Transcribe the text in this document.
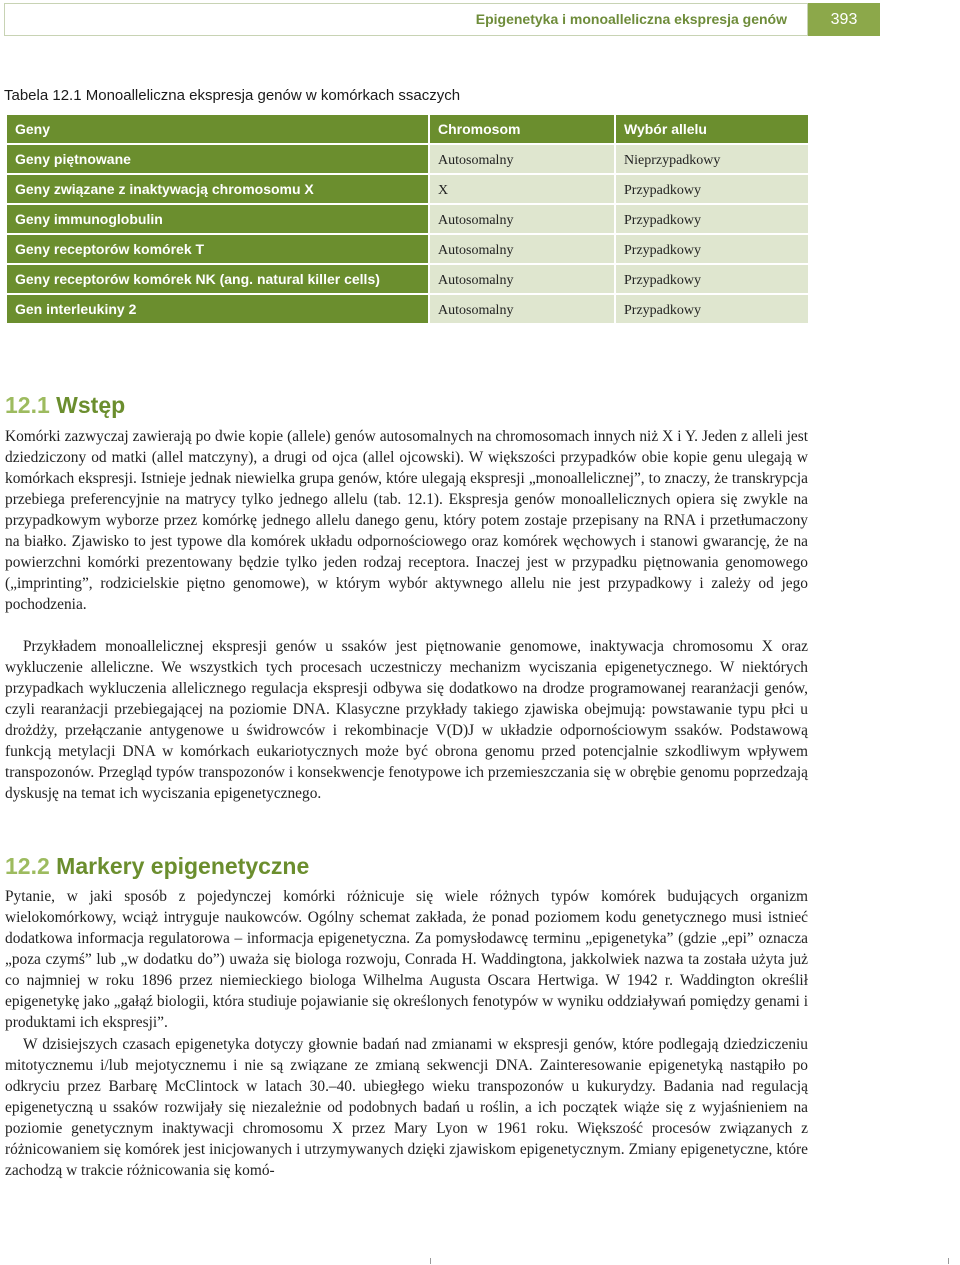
Epigenetyka i monoalleliczna ekspresja genów	393
Tabela 12.1 Monoalleliczna ekspresja genów w komórkach ssaczych
Geny	Chromosom	Wybór allelu
Geny piętnowane	Autosomalny	Nieprzypadkowy
Geny związane z inaktywacją chromosomu X	X	Przypadkowy
Geny immunoglobulin	Autosomalny	Przypadkowy
Geny receptorów komórek T	Autosomalny	Przypadkowy
Geny receptorów komórek NK (ang. natural killer cells)	Autosomalny	Przypadkowy
Gen interleukiny 2	Autosomalny	Przypadkowy
12.1 Wstęp

Komórki zazwyczaj zawierają po dwie kopie (allele) genów autosomalnych na chromosomach innych niż X i Y. Jeden z alleli jest dziedziczony od matki (allel matczyny), a drugi od ojca (allel ojcowski). W większości przypadków obie kopie genu ulegają w komórkach ekspresji. Istnieje jednak niewielka grupa genów, które ulegają ekspresji „monoallelicznej”, to znaczy, że transkrypcja przebiega preferencyjnie na matrycy tylko jednego allelu (tab. 12.1). Ekspresja genów monoallelicznych opiera się zwykle na przypadkowym wyborze przez komórkę jednego allelu danego genu, który potem zostaje przepisany na RNA i przetłumaczony na białko. Zjawisko to jest typowe dla komórek układu odpornościowego oraz komórek węchowych i stanowi gwarancję, że na powierzchni komórki prezentowany będzie tylko jeden rodzaj receptora. Inaczej jest w przypadku piętnowania genomowego („imprinting”, rodzicielskie piętno genomowe), w którym wybór aktywnego allelu nie jest przypadkowy i zależy od jego pochodzenia.

Przykładem monoallelicznej ekspresji genów u ssaków jest piętnowanie genomowe, inaktywacja chromosomu X oraz wykluczenie alleliczne. We wszystkich tych procesach uczestniczy mechanizm wyciszania epigenetycznego. W niektórych przypadkach wykluczenia allelicznego regulacja ekspresji odbywa się dodatkowo na drodze programowanej rearanżacji genów, czyli rearanżacji przebiegającej na poziomie DNA. Klasyczne przykłady takiego zjawiska obejmują: powstawanie typu płci u drożdży, przełączanie antygenowe u świdrowców i rekombinacje V(D)J w układzie odpornościowym ssaków. Podstawową funkcją metylacji DNA w komórkach eukariotycznych może być obrona genomu przed potencjalnie szkodliwym wpływem transpozonów. Przegląd typów transpozonów i konsekwencje fenotypowe ich przemieszczania się w obrębie genomu poprzedzają dyskusję na temat ich wyciszania epigenetycznego.

12.2 Markery epigenetyczne

Pytanie, w jaki sposób z pojedynczej komórki różnicuje się wiele różnych typów komórek budujących organizm wielokomórkowy, wciąż intryguje naukowców. Ogólny schemat zakłada, że ponad poziomem kodu genetycznego musi istnieć dodatkowa informacja regulatorowa – informacja epigenetyczna. Za pomysłodawcę terminu „epigenetyka” (gdzie „epi” oznacza „poza czymś” lub „w dodatku do”) uważa się biologa rozwoju, Conrada H. Waddingtona, jakkolwiek nazwa ta została użyta już co najmniej w roku 1896 przez niemieckiego biologa Wilhelma Augusta Oscara Hertwiga. W 1942 r. Waddington określił epigenetykę jako „gałąź biologii, która studiuje pojawianie się określonych fenotypów w wyniku oddziaływań pomiędzy genami i produktami ich ekspresji”.

W dzisiejszych czasach epigenetyka dotyczy głownie badań nad zmianami w ekspresji genów, które podlegają dziedziczeniu mitotycznemu i/lub mejotycznemu i nie są związane ze zmianą sekwencji DNA. Zainteresowanie epigenetyką nastąpiło po odkryciu przez Barbarę McClintock w latach 30.–40. ubiegłego wieku transpozonów u kukurydzy. Badania nad regulacją epigenetyczną u ssaków rozwijały się niezależnie od podobnych badań u roślin, a ich początek wiąże się z wyjaśnieniem na poziomie genetycznym inaktywacji chromosomu X przez Mary Lyon w 1961 roku. Większość procesów związanych z różnicowaniem się komórek jest inicjowanych i utrzymywanych dzięki zjawiskom epigenetycznym. Zmiany epigenetyczne, które zachodzą w trakcie różnicowania się komó-
